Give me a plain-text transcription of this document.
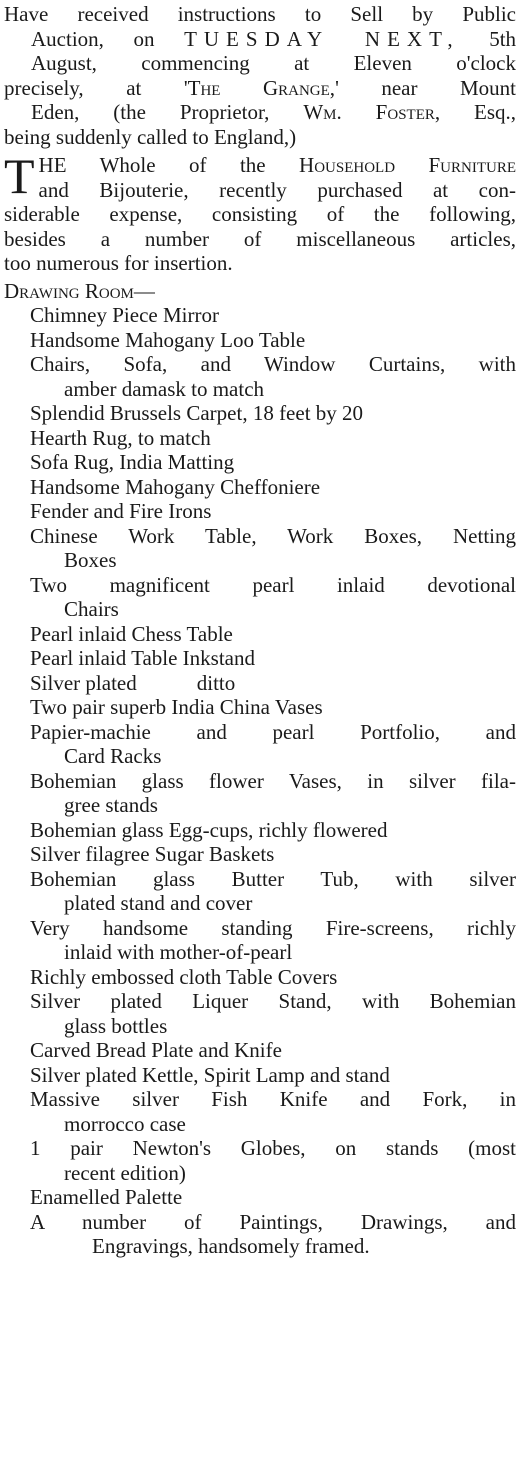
Have received instructions to Sell by Public
Auction, on TUESDAY NEXT, 5th
August, commencing at Eleven o'clock
precisely, at 'The Grange,' near Mount
Eden, (the Proprietor, Wm. Foster, Esq.,
being suddenly called to England,)
T HE Whole of the Household Furniture
and Bijouterie, recently purchased at con-
siderable expense, consisting of the following,
besides a number of miscellaneous articles,
too numerous for insertion.
Drawing Room—
Chimney Piece Mirror
Handsome Mahogany Loo Table
Chairs, Sofa, and Window Curtains, with
amber damask to match
Splendid Brussels Carpet, 18 feet by 20
Hearth Rug, to match
Sofa Rug, India Matting
Handsome Mahogany Cheffoniere
Fender and Fire Irons
Chinese Work Table, Work Boxes, Netting
Boxes
Two magnificent pearl inlaid devotional
Chairs
Pearl inlaid Chess Table
Pearl inlaid Table Inkstand
Silver plated	ditto
Two pair superb India China Vases
Papier-machie and pearl Portfolio, and
Card Racks
Bohemian glass flower Vases, in silver fila-
gree stands
Bohemian glass Egg-cups, richly flowered
Silver filagree Sugar Baskets
Bohemian glass Butter Tub, with silver
plated stand and cover
Very handsome standing Fire-screens, richly
inlaid with mother-of-pearl
Richly embossed cloth Table Covers
Silver plated Liquer Stand, with Bohemian
glass bottles
Carved Bread Plate and Knife
Silver plated Kettle, Spirit Lamp and stand
Massive silver Fish Knife and Fork, in
morrocco case
1 pair Newton's Globes, on stands (most
recent edition)
Enamelled Palette
A number of Paintings, Drawings, and
Engravings, handsomely framed.
